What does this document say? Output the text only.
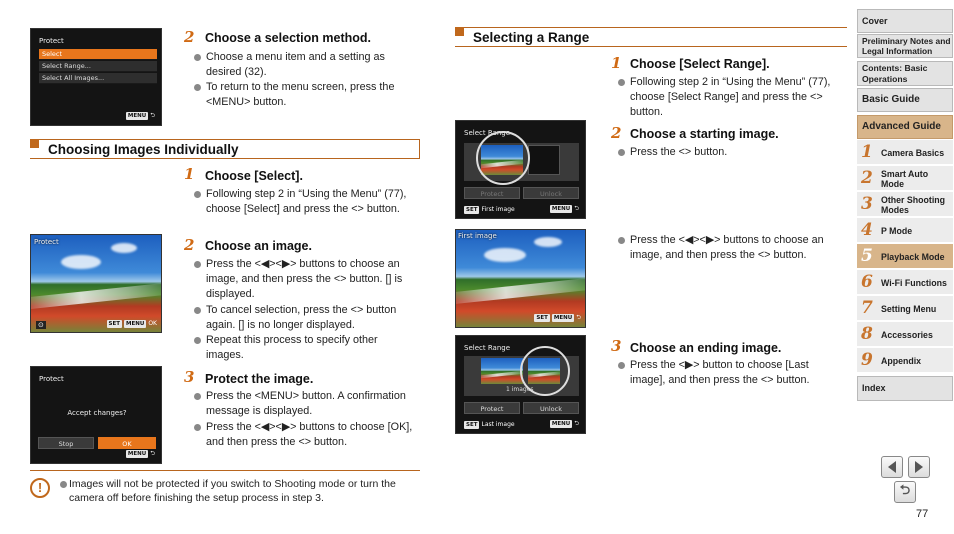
Protect
Select
Select Range...
Select All Images...
MENU ⮌
2 Choose a selection method.
Choose a menu item and a setting as desired (​32).
To return to the menu screen, press the <MENU> button.
Choosing Images Individually
1 Choose [Select].
Following step 2 in “Using the Menu” (​77), choose [Select] and press the <​> button.
Protect
⊙	SET MENU OK
2 Choose an image.
Press the <◀><▶> buttons to choose an image, and then press the <​> button. [​] is displayed.
To cancel selection, press the <​> button again. [​] is no longer displayed.
Repeat this process to specify other images.
Protect
Accept changes?
Stop	OK
MENU ⮌
3 Protect the image.
Press the <MENU> button. A confirmation message is displayed.
Press the <◀><▶> buttons to choose [OK], and then press the <​> button.
!	Images will not be protected if you switch to Shooting mode or turn the camera off before finishing the setup process in step 3.
Selecting a Range
1 Choose [Select Range].
Following step 2 in “Using the Menu” (​77), choose [Select Range] and press the <​> button.
Select Range
Protect	Unlock
SET First image	MENU ⮌
2 Choose a starting image.
Press the <​> button.
First image
SET MENU ⮌
Press the <◀><▶> buttons to choose an image, and then press the <​> button.
Select Range
1 images
Protect	Unlock
SET Last image	MENU ⮌
3 Choose an ending image.
Press the <▶> button to choose [Last image], and then press the <​> button.
Cover
Preliminary Notes and Legal Information
Contents: Basic Operations
Basic Guide
Advanced Guide
1 Camera Basics
2 Smart Auto Mode
3 Other Shooting Modes
4 P Mode
5 Playback Mode
6 Wi-Fi Functions
7 Setting Menu
8 Accessories
9 Appendix
Index
⮌
77
